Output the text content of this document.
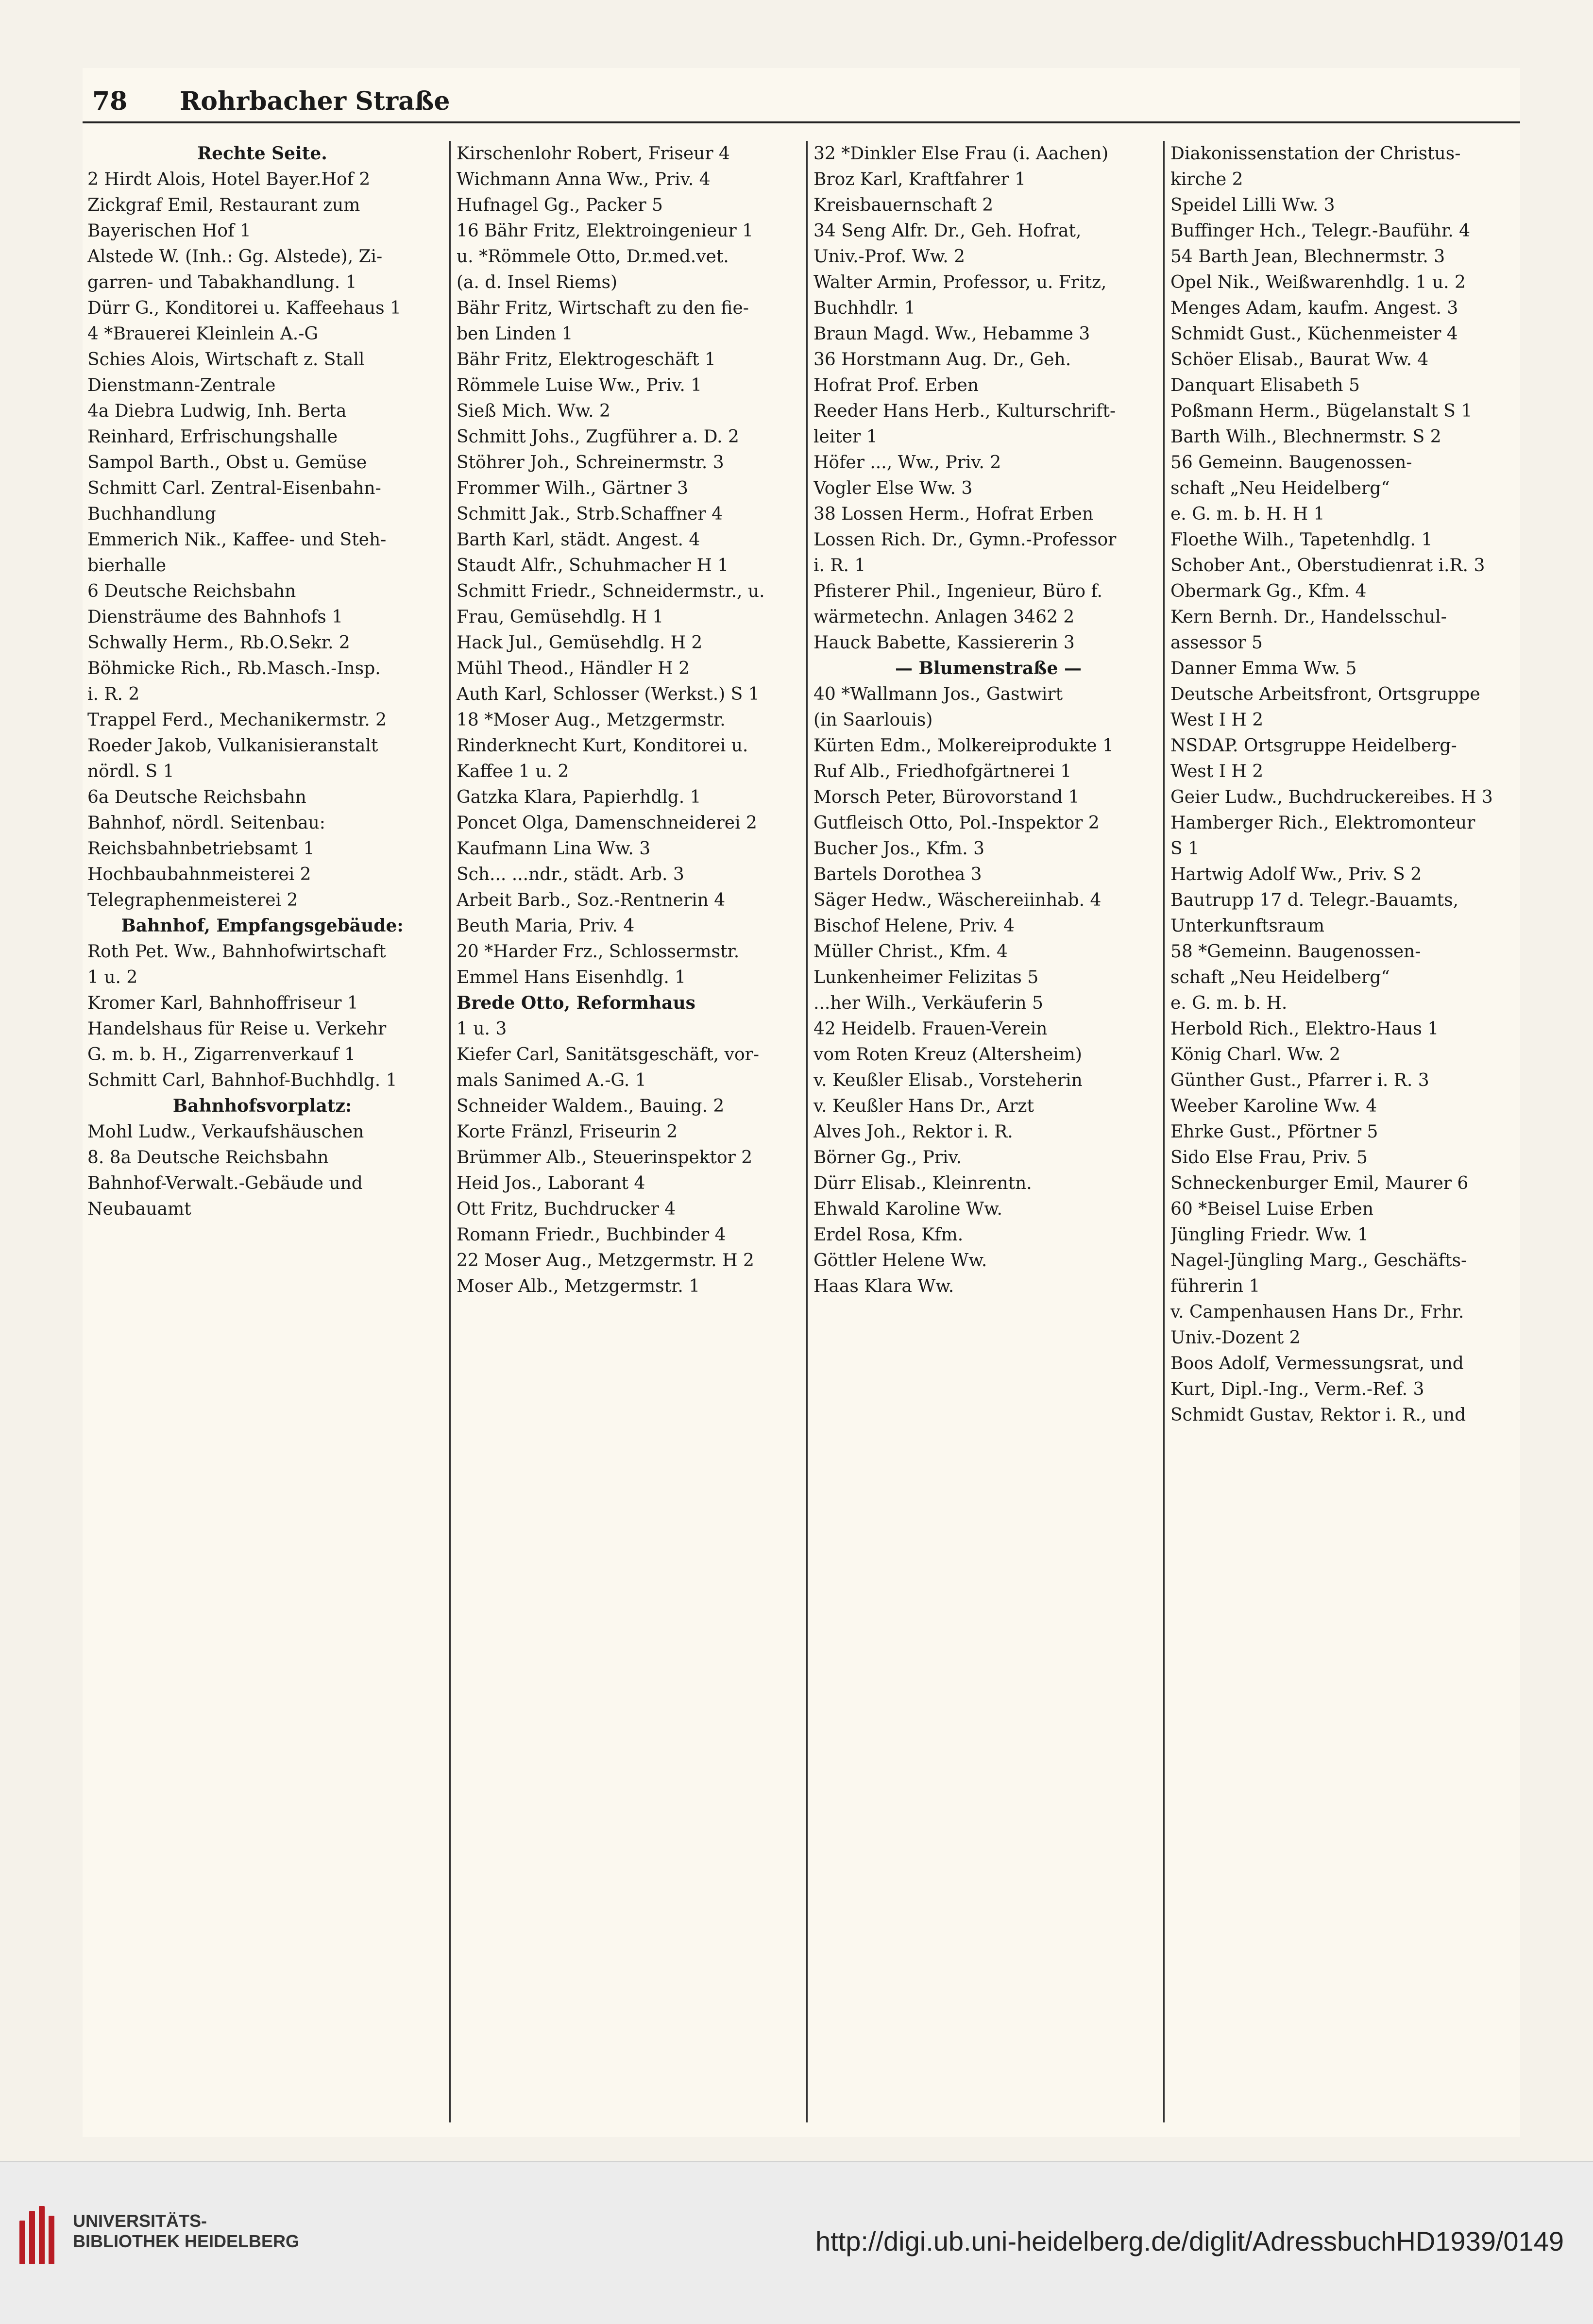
78 Rohrbacher Straße
Rechte Seite.
2 Hirdt Alois, Hotel Bayer.Hof 2
Zickgraf Emil, Restaurant zum
Bayerischen Hof 1
Alstede W. (Inh.: Gg. Alstede), Zi-
garren- und Tabakhandlung. 1
Dürr G., Konditorei u. Kaffeehaus 1
4 *Brauerei Kleinlein A.-G
Schies Alois, Wirtschaft z. Stall
Dienstmann-Zentrale
4a Diebra Ludwig, Inh. Berta
Reinhard, Erfrischungshalle
Sampol Barth., Obst u. Gemüse
Schmitt Carl. Zentral-Eisenbahn-
Buchhandlung
Emmerich Nik., Kaffee- und Steh-
bierhalle
6 Deutsche Reichsbahn
Diensträume des Bahnhofs 1
Schwally Herm., Rb.O.Sekr. 2
Böhmicke Rich., Rb.Masch.-Insp.
i. R. 2
Trappel Ferd., Mechanikermstr. 2
Roeder Jakob, Vulkanisieranstalt
nördl. S 1
6a Deutsche Reichsbahn
Bahnhof, nördl. Seitenbau:
Reichsbahnbetriebsamt 1
Hochbaubahnmeisterei 2
Telegraphenmeisterei 2
Bahnhof, Empfangsgebäude:
Roth Pet. Ww., Bahnhofwirtschaft
1 u. 2
Kromer Karl, Bahnhoffriseur 1
Handelshaus für Reise u. Verkehr
G. m. b. H., Zigarrenverkauf 1
Schmitt Carl, Bahnhof-Buchhdlg. 1
Bahnhofsvorplatz:
Mohl Ludw., Verkaufshäuschen
8. 8a Deutsche Reichsbahn
Bahnhof-Verwalt.-Gebäude und
Neubauamt
Kirschenlohr Robert, Friseur 4
Wichmann Anna Ww., Priv. 4
Hufnagel Gg., Packer 5
16 Bähr Fritz, Elektroingenieur 1
u. *Römmele Otto, Dr.med.vet.
(a. d. Insel Riems)
Bähr Fritz, Wirtschaft zu den fie-
ben Linden 1
Bähr Fritz, Elektrogeschäft 1
Römmele Luise Ww., Priv. 1
Sieß Mich. Ww. 2
Schmitt Johs., Zugführer a. D. 2
Stöhrer Joh., Schreinermstr. 3
Frommer Wilh., Gärtner 3
Schmitt Jak., Strb.Schaffner 4
Barth Karl, städt. Angest. 4
Staudt Alfr., Schuhmacher H 1
Schmitt Friedr., Schneidermstr., u.
Frau, Gemüsehdlg. H 1
Hack Jul., Gemüsehdlg. H 2
Mühl Theod., Händler H 2
Auth Karl, Schlosser (Werkst.) S 1
18 *Moser Aug., Metzgermstr.
Rinderknecht Kurt, Konditorei u.
Kaffee 1 u. 2
Gatzka Klara, Papierhdlg. 1
Poncet Olga, Damenschneiderei 2
Kaufmann Lina Ww. 3
Sch... ...ndr., städt. Arb. 3
Arbeit Barb., Soz.-Rentnerin 4
Beuth Maria, Priv. 4
20 *Harder Frz., Schlossermstr.
Emmel Hans Eisenhdlg. 1
Brede Otto, Reformhaus
1 u. 3
Kiefer Carl, Sanitätsgeschäft, vor-
mals Sanimed A.-G. 1
Schneider Waldem., Bauing. 2
Korte Fränzl, Friseurin 2
Brümmer Alb., Steuerinspektor 2
Heid Jos., Laborant 4
Ott Fritz, Buchdrucker 4
Romann Friedr., Buchbinder 4
22 Moser Aug., Metzgermstr. H 2
Moser Alb., Metzgermstr. 1
32 *Dinkler Else Frau (i. Aachen)
Broz Karl, Kraftfahrer 1
Kreisbauernschaft 2
34 Seng Alfr. Dr., Geh. Hofrat,
Univ.-Prof. Ww. 2
Walter Armin, Professor, u. Fritz,
Buchhdlr. 1
Braun Magd. Ww., Hebamme 3
36 Horstmann Aug. Dr., Geh.
Hofrat Prof. Erben
Reeder Hans Herb., Kulturschrift-
leiter 1
Höfer ..., Ww., Priv. 2
Vogler Else Ww. 3
38 Lossen Herm., Hofrat Erben
Lossen Rich. Dr., Gymn.-Professor
i. R. 1
Pfisterer Phil., Ingenieur, Büro f.
wärmetechn. Anlagen 3462 2
Hauck Babette, Kassiererin 3
— Blumenstraße —
40 *Wallmann Jos., Gastwirt
(in Saarlouis)
Kürten Edm., Molkereiprodukte 1
Ruf Alb., Friedhofgärtnerei 1
Morsch Peter, Bürovorstand 1
Gutfleisch Otto, Pol.-Inspektor 2
Bucher Jos., Kfm. 3
Bartels Dorothea 3
Säger Hedw., Wäschereiinhab. 4
Bischof Helene, Priv. 4
Müller Christ., Kfm. 4
Lunkenheimer Felizitas 5
...her Wilh., Verkäuferin 5
42 Heidelb. Frauen-Verein
vom Roten Kreuz (Altersheim)
v. Keußler Elisab., Vorsteherin
v. Keußler Hans Dr., Arzt
Alves Joh., Rektor i. R.
Börner Gg., Priv.
Dürr Elisab., Kleinrentn.
Ehwald Karoline Ww.
Erdel Rosa, Kfm.
Göttler Helene Ww.
Haas Klara Ww.
Diakonissenstation der Christus-
kirche 2
Speidel Lilli Ww. 3
Buffinger Hch., Telegr.-Bauführ. 4
54 Barth Jean, Blechnermstr. 3
Opel Nik., Weißwarenhdlg. 1 u. 2
Menges Adam, kaufm. Angest. 3
Schmidt Gust., Küchenmeister 4
Schöer Elisab., Baurat Ww. 4
Danquart Elisabeth 5
Poßmann Herm., Bügelanstalt S 1
Barth Wilh., Blechnermstr. S 2
56 Gemeinn. Baugenossen-
schaft „Neu Heidelberg“
e. G. m. b. H. H 1
Floethe Wilh., Tapetenhdlg. 1
Schober Ant., Oberstudienrat i.R. 3
Obermark Gg., Kfm. 4
Kern Bernh. Dr., Handelsschul-
assessor 5
Danner Emma Ww. 5
Deutsche Arbeitsfront, Ortsgruppe
West I H 2
NSDAP. Ortsgruppe Heidelberg-
West I H 2
Geier Ludw., Buchdruckereibes. H 3
Hamberger Rich., Elektromonteur
S 1
Hartwig Adolf Ww., Priv. S 2
Bautrupp 17 d. Telegr.-Bauamts,
Unterkunftsraum
58 *Gemeinn. Baugenossen-
schaft „Neu Heidelberg“
e. G. m. b. H.
Herbold Rich., Elektro-Haus 1
König Charl. Ww. 2
Günther Gust., Pfarrer i. R. 3
Weeber Karoline Ww. 4
Ehrke Gust., Pförtner 5
Sido Else Frau, Priv. 5
Schneckenburger Emil, Maurer 6
60 *Beisel Luise Erben
Jüngling Friedr. Ww. 1
Nagel-Jüngling Marg., Geschäfts-
führerin 1
v. Campenhausen Hans Dr., Frhr.
Univ.-Dozent 2
Boos Adolf, Vermessungsrat, und
Kurt, Dipl.-Ing., Verm.-Ref. 3
Schmidt Gustav, Rektor i. R., und
UNIVERSITÄTS- BIBLIOTHEK HEIDELBERG	http://digi.ub.uni-heidelberg.de/diglit/AdressbuchHD1939/0149
